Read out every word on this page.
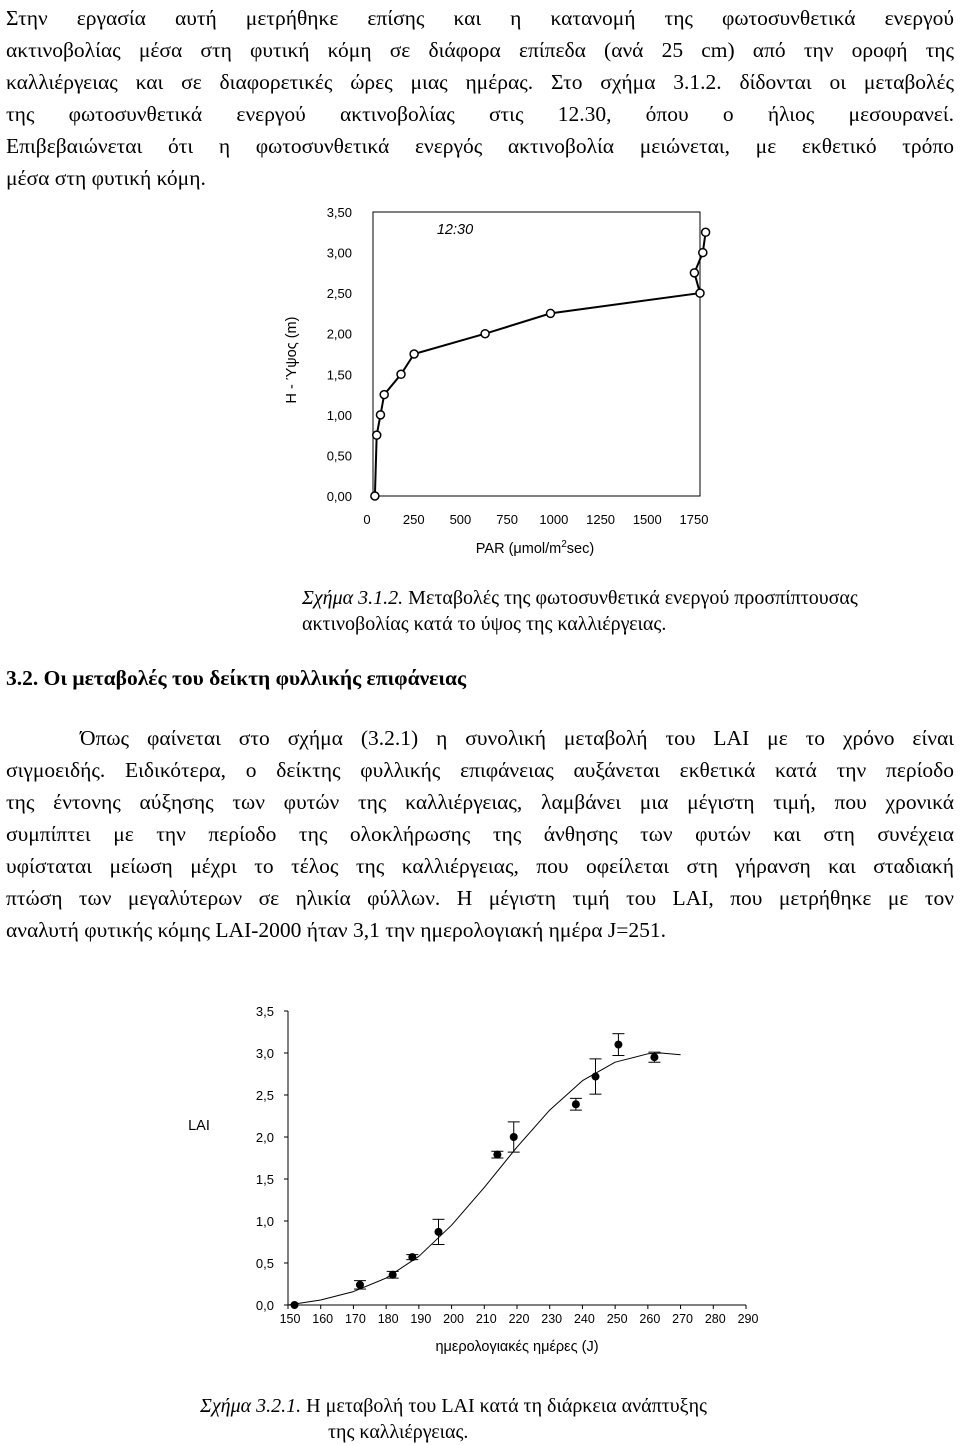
Στην εργασία αυτή μετρήθηκε επίσης και η κατανομή της φωτοσυνθετικά ενεργού
ακτινοβολίας μέσα στη φυτική κόμη σε διάφορα επίπεδα (ανά 25 cm) από την οροφή της
καλλιέργειας και σε διαφορετικές ώρες μιας ημέρας. Στο σχήμα 3.1.2. δίδονται οι μεταβολές
της φωτοσυνθετικά ενεργού ακτινοβολίας στις 12.30, όπου ο ήλιος μεσουρανεί.
Επιβεβαιώνεται ότι η φωτοσυνθετικά ενεργός ακτινοβολία μειώνεται, με εκθετικό τρόπο
μέσα στη φυτική κόμη.

0,00
0,50
1,00
1,50
2,00
2,50
3,00
3,50
0 250 500 750 1000 1250 1500 1750
PAR $(\mu mol/m^2\sec)$
H - Ύψος (m)
12:30

Σχήμα 3.1.2. Μεταβολές της φωτοσυνθετικά ενεργού προσπίπτουσας
ακτινοβολίας κατά το ύψος της καλλιέργειας.

3.2. Οι μεταβολές του δείκτη φυλλικής επιφάνειας

Όπως φαίνεται στο σχήμα (3.2.1) η συνολική μεταβολή του LAI με το χρόνο είναι
σιγμοειδής. Ειδικότερα, ο δείκτης φυλλικής επιφάνειας αυξάνεται εκθετικά κατά την περίοδο
της έντονης αύξησης των φυτών της καλλιέργειας, λαμβάνει μια μέγιστη τιμή, που χρονικά
συμπίπτει με την περίοδο της ολοκλήρωσης της άνθησης των φυτών και στη συνέχεια
υφίσταται μείωση μέχρι το τέλος της καλλιέργειας, που οφείλεται στη γήρανση και σταδιακή
πτώση των μεγαλύτερων σε ηλικία φύλλων. Η μέγιστη τιμή του LAI, που μετρήθηκε με τον
αναλυτή φυτικής κόμης LAI-2000 ήταν 3,1 την ημερολογιακή ημέρα J=251.

0,0
0,5
1,0
1,5
2,0
2,5
3,0
3,5
150 160 170 180 190 200 210 220 230 240 250 260 270 280 290
ημερολογιακές ημέρες (J)
LAI

Σχήμα 3.2.1. Η μεταβολή του LAI κατά τη διάρκεια ανάπτυξης
της καλλιέργειας.
